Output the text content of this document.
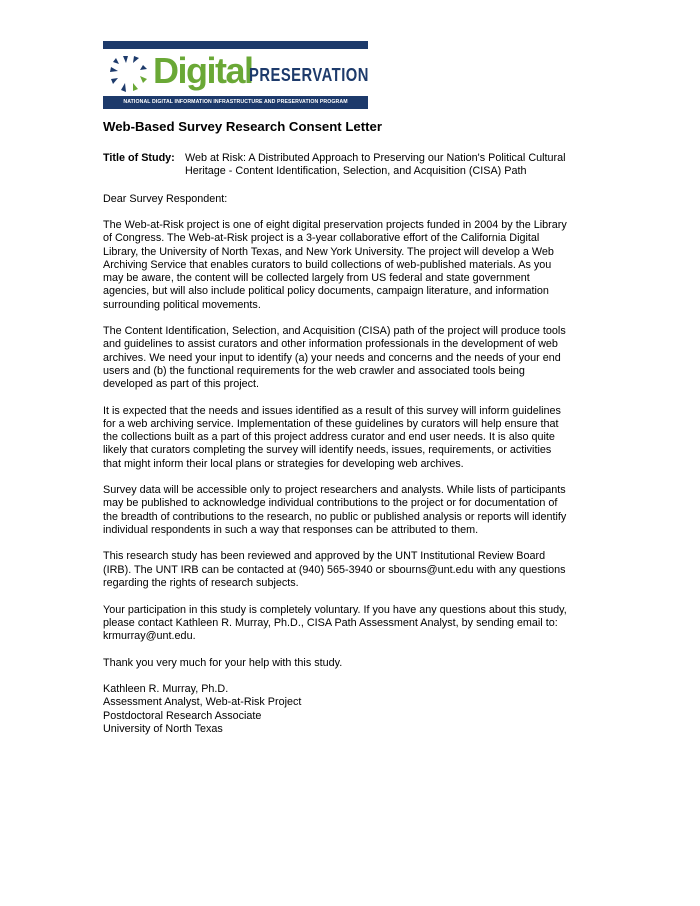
Digital
PRESERVATION
NATIONAL DIGITAL INFORMATION INFRASTRUCTURE AND PRESERVATION PROGRAM
Web-Based Survey Research Consent Letter
Title of Study: Web at Risk: A Distributed Approach to Preserving our Nation's Political Cultural
Heritage - Content Identification, Selection, and Acquisition (CISA) Path

Dear Survey Respondent:

The Web-at-Risk project is one of eight digital preservation projects funded in 2004 by the Library
of Congress. The Web-at-Risk project is a 3-year collaborative effort of the California Digital
Library, the University of North Texas, and New York University. The project will develop a Web
Archiving Service that enables curators to build collections of web-published materials. As you
may be aware, the content will be collected largely from US federal and state government
agencies, but will also include political policy documents, campaign literature, and information
surrounding political movements.

The Content Identification, Selection, and Acquisition (CISA) path of the project will produce tools
and guidelines to assist curators and other information professionals in the development of web
archives. We need your input to identify (a) your needs and concerns and the needs of your end
users and (b) the functional requirements for the web crawler and associated tools being
developed as part of this project.

It is expected that the needs and issues identified as a result of this survey will inform guidelines
for a web archiving service. Implementation of these guidelines by curators will help ensure that
the collections built as a part of this project address curator and end user needs. It is also quite
likely that curators completing the survey will identify needs, issues, requirements, or activities
that might inform their local plans or strategies for developing web archives.

Survey data will be accessible only to project researchers and analysts. While lists of participants
may be published to acknowledge individual contributions to the project or for documentation of
the breadth of contributions to the research, no public or published analysis or reports will identify
individual respondents in such a way that responses can be attributed to them.

This research study has been reviewed and approved by the UNT Institutional Review Board
(IRB). The UNT IRB can be contacted at (940) 565-3940 or sbourns@unt.edu with any questions
regarding the rights of research subjects.

Your participation in this study is completely voluntary. If you have any questions about this study,
please contact Kathleen R. Murray, Ph.D., CISA Path Assessment Analyst, by sending email to:
krmurray@unt.edu.

Thank you very much for your help with this study.

Kathleen R. Murray, Ph.D.
Assessment Analyst, Web-at-Risk Project
Postdoctoral Research Associate
University of North Texas
